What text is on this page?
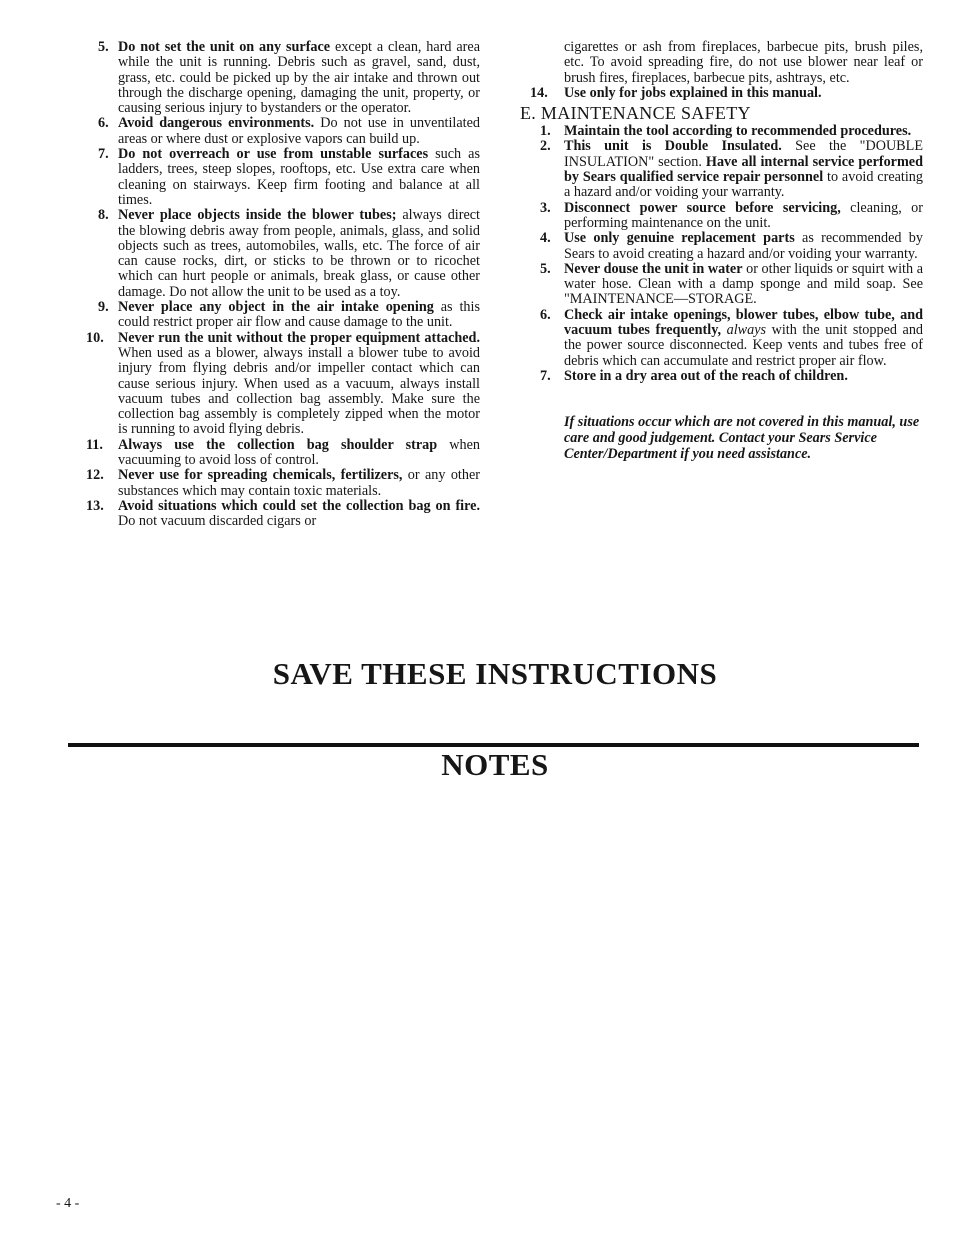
5. Do not set the unit on any surface except a clean, hard area while the unit is running. Debris such as gravel, sand, dust, grass, etc. could be picked up by the air intake and thrown out through the discharge opening, damaging the unit, property, or causing serious injury to bystanders or the operator.

6. Avoid dangerous environments. Do not use in unventilated areas or where dust or explosive vapors can build up.

7. Do not overreach or use from unstable surfaces such as ladders, trees, steep slopes, rooftops, etc. Use extra care when cleaning on stairways. Keep firm footing and balance at all times.

8. Never place objects inside the blower tubes; always direct the blowing debris away from people, animals, glass, and solid objects such as trees, automobiles, walls, etc. The force of air can cause rocks, dirt, or sticks to be thrown or to ricochet which can hurt people or animals, break glass, or cause other damage. Do not allow the unit to be used as a toy.

9. Never place any object in the air intake opening as this could restrict proper air flow and cause damage to the unit.

10. Never run the unit without the proper equipment attached. When used as a blower, always install a blower tube to avoid injury from flying debris and/or impeller contact which can cause serious injury. When used as a vacuum, always install vacuum tubes and collection bag assembly. Make sure the collection bag assembly is completely zipped when the motor is running to avoid flying debris.

11. Always use the collection bag shoulder strap when vacuuming to avoid loss of control.

12. Never use for spreading chemicals, fertilizers, or any other substances which may contain toxic materials.

13. Avoid situations which could set the collection bag on fire. Do not vacuum discarded cigars or

cigarettes or ash from fireplaces, barbecue pits, brush piles, etc. To avoid spreading fire, do not use blower near leaf or brush fires, fireplaces, barbecue pits, ashtrays, etc.

14. Use only for jobs explained in this manual.

E. MAINTENANCE SAFETY

1. Maintain the tool according to recommended procedures.

2. This unit is Double Insulated. See the "DOUBLE INSULATION" section. Have all internal service performed by Sears qualified service repair personnel to avoid creating a hazard and/or voiding your warranty.

3. Disconnect power source before servicing, cleaning, or performing maintenance on the unit.

4. Use only genuine replacement parts as recommended by Sears to avoid creating a hazard and/or voiding your warranty.

5. Never douse the unit in water or other liquids or squirt with a water hose. Clean with a damp sponge and mild soap. See "MAINTENANCE—STORAGE.

6. Check air intake openings, blower tubes, elbow tube, and vacuum tubes frequently, always with the unit stopped and the power source disconnected. Keep vents and tubes free of debris which can accumulate and restrict proper air flow.

7. Store in a dry area out of the reach of children.

If situations occur which are not covered in this manual, use care and good judgement. Contact your Sears Service Center/Department if you need assistance.

SAVE THESE INSTRUCTIONS
NOTES
- 4 -
